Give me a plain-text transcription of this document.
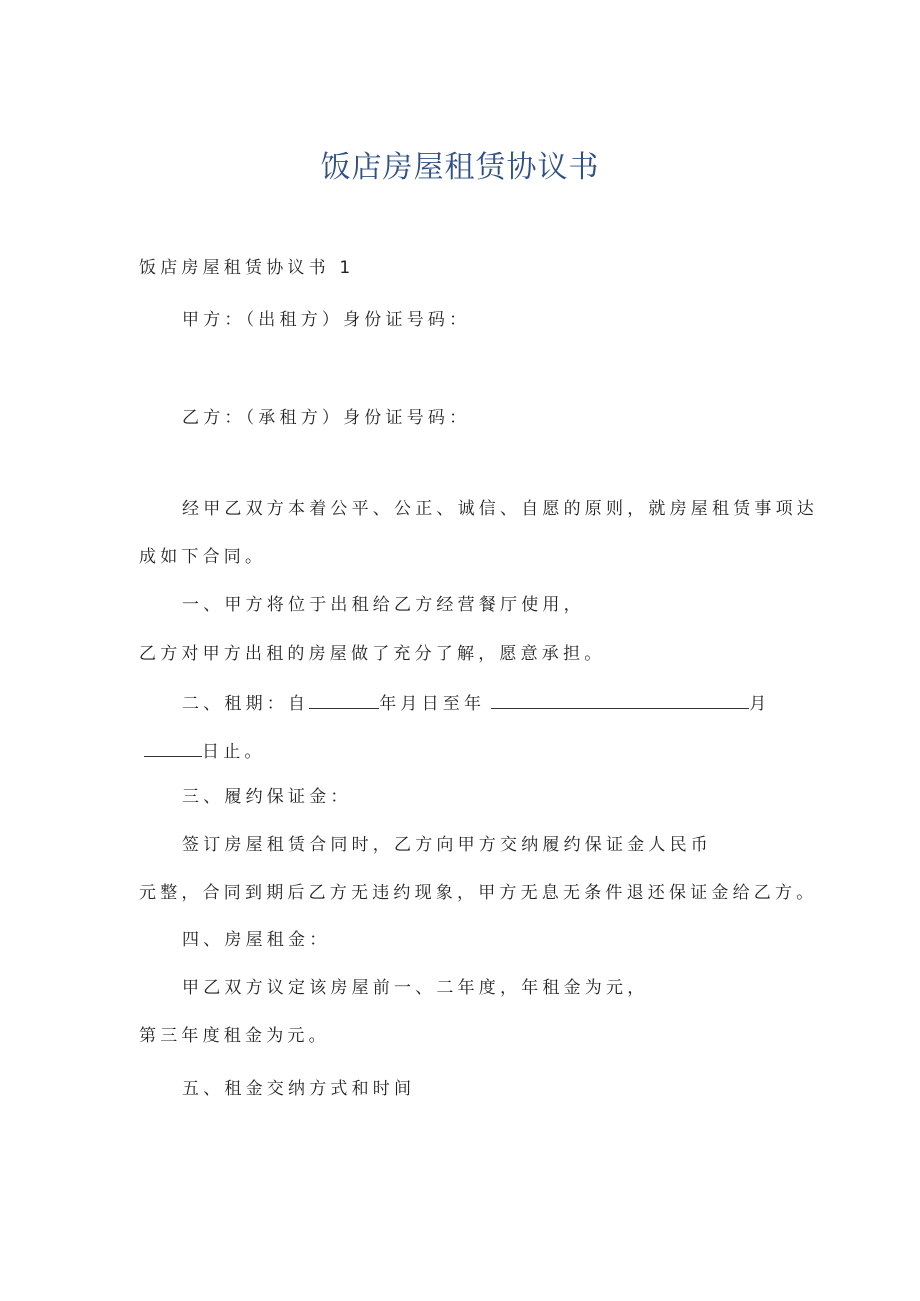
饭店房屋租赁协议书
饭店房屋租赁协议书 1
甲方：（出租方）身份证号码：
乙方：（承租方）身份证号码：
经甲乙双方本着公平、公正、诚信、自愿的原则，就房屋租赁事项达
成如下合同。
一、甲方将位于出租给乙方经营餐厅使用，
乙方对甲方出租的房屋做了充分了解，愿意承担。
二、租期：自	年月日至年	月
日止。
三、履约保证金：
签订房屋租赁合同时，乙方向甲方交纳履约保证金人民币
元整，合同到期后乙方无违约现象，甲方无息无条件退还保证金给乙方。
四、房屋租金：
甲乙双方议定该房屋前一、二年度，年租金为元，
第三年度租金为元。
五、租金交纳方式和时间
